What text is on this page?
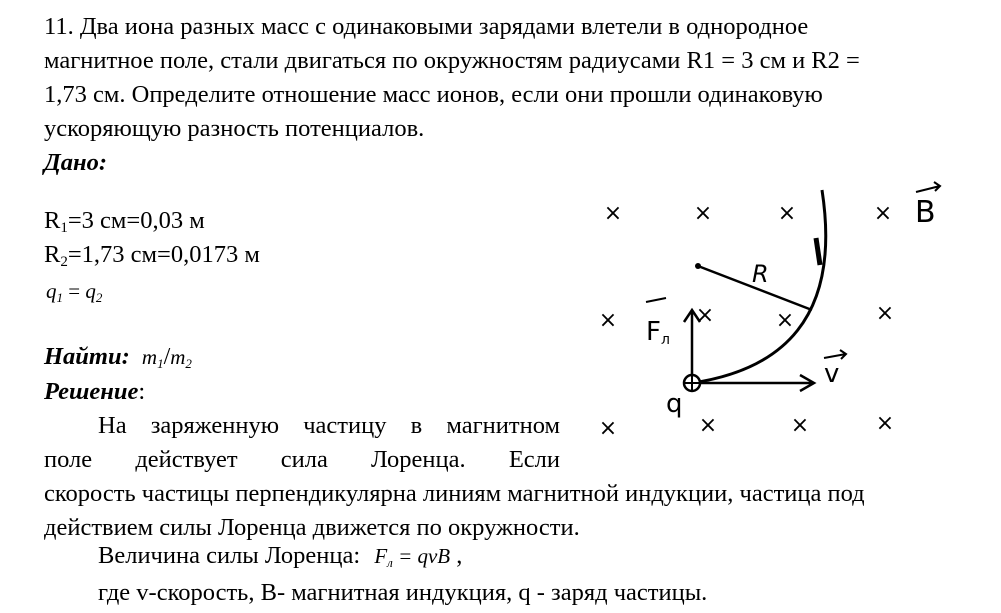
11. Два иона разных масс с одинаковыми зарядами влетели в однородное
магнитное поле, стали двигаться по окружностям радиусами R1 = 3 см и R2 =
1,73 см. Определите отношение масс ионов, если они прошли одинаковую
ускоряющую разность потенциалов.
Дано:
$R_1=3$ см=0,03 м
$R_2=1,73$ см=0,0173 м
q1 = q2
Найти: m1/m2
Решение:
На заряженную частицу в магнитном
поле действует сила Лоренца. Если
скорость частицы перпендикулярна линиям магнитной индукции, частица под
действием силы Лоренца движется по окружности.
Величина силы Лоренца: Fл = qvB ,
где v-скорость, B- магнитная индукция, q - заряд частицы.
×	×	×	×
×	×	×	×
×	×	×	×
B
R
q
Fл
v
